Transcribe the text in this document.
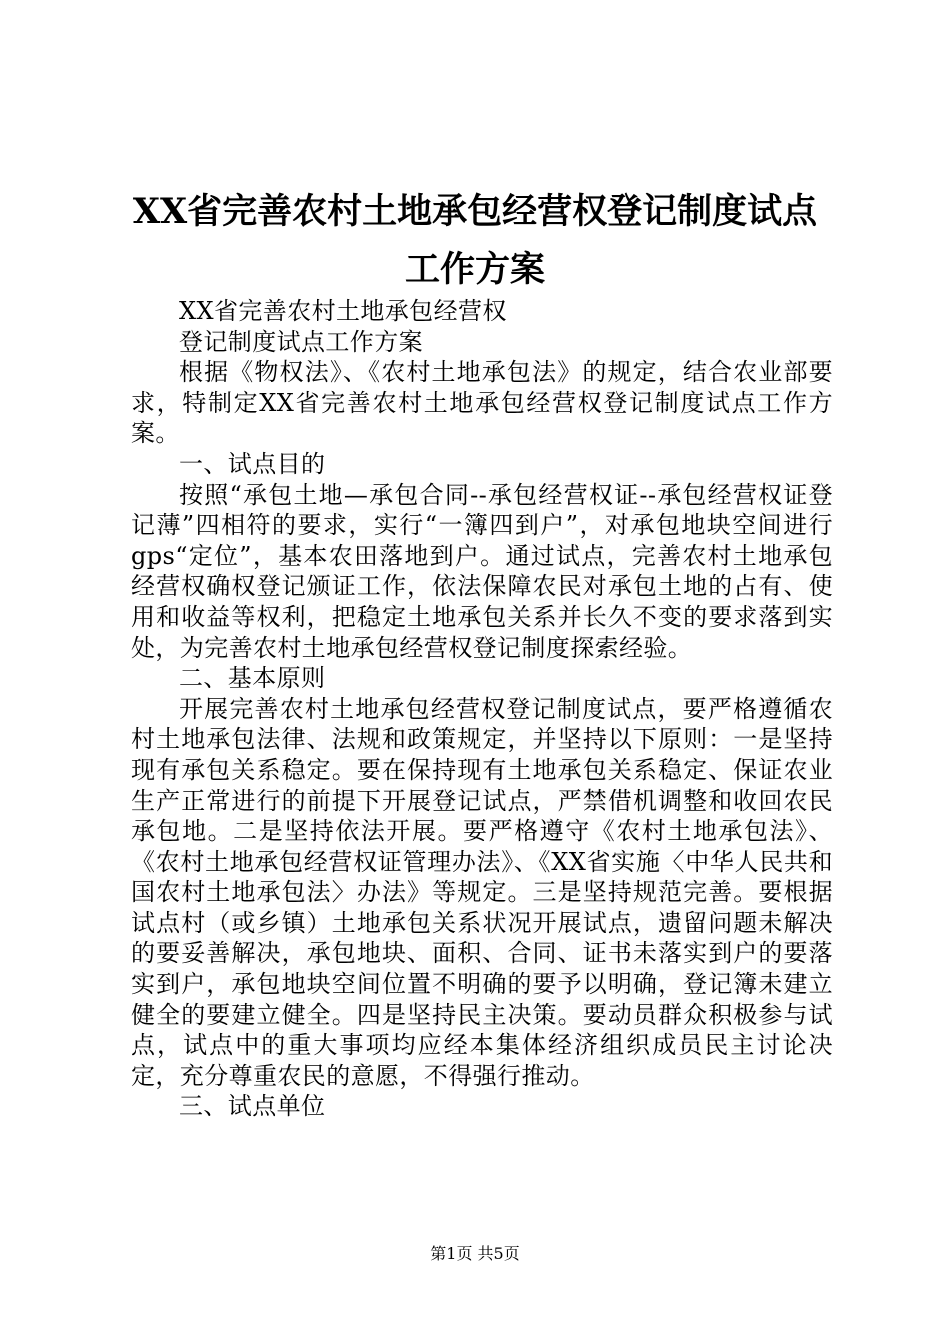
XX省完善农村土地承包经营权登记制度试点
工作方案

XX省完善农村土地承包经营权

登记制度试点工作方案

根据《物权法》、《农村土地承包法》的规定，结合农业部要求，特制定XX省完善农村土地承包经营权登记制度试点工作方案。

一、试点目的

按照“承包土地—承包合同--承包经营权证--承包经营权证登记薄”四相符的要求，实行“一簿四到户”，对承包地块空间进行gps“定位”，基本农田落地到户。通过试点，完善农村土地承包经营权确权登记颁证工作，依法保障农民对承包土地的占有、使用和收益等权利，把稳定土地承包关系并长久不变的要求落到实处，为完善农村土地承包经营权登记制度探索经验。

二、基本原则

开展完善农村土地承包经营权登记制度试点，要严格遵循农村土地承包法律、法规和政策规定，并坚持以下原则：一是坚持现有承包关系稳定。要在保持现有土地承包关系稳定、保证农业生产正常进行的前提下开展登记试点，严禁借机调整和收回农民承包地。二是坚持依法开展。要严格遵守《农村土地承包法》、《农村土地承包经营权证管理办法》、《XX省实施〈中华人民共和国农村土地承包法〉办法》等规定。三是坚持规范完善。要根据试点村（或乡镇）土地承包关系状况开展试点，遗留问题未解决的要妥善解决，承包地块、面积、合同、证书未落实到户的要落实到户，承包地块空间位置不明确的要予以明确，登记簿未建立健全的要建立健全。四是坚持民主决策。要动员群众积极参与试点，试点中的重大事项均应经本集体经济组织成员民主讨论决定，充分尊重农民的意愿，不得强行推动。

三、试点单位

第1页 共5页
